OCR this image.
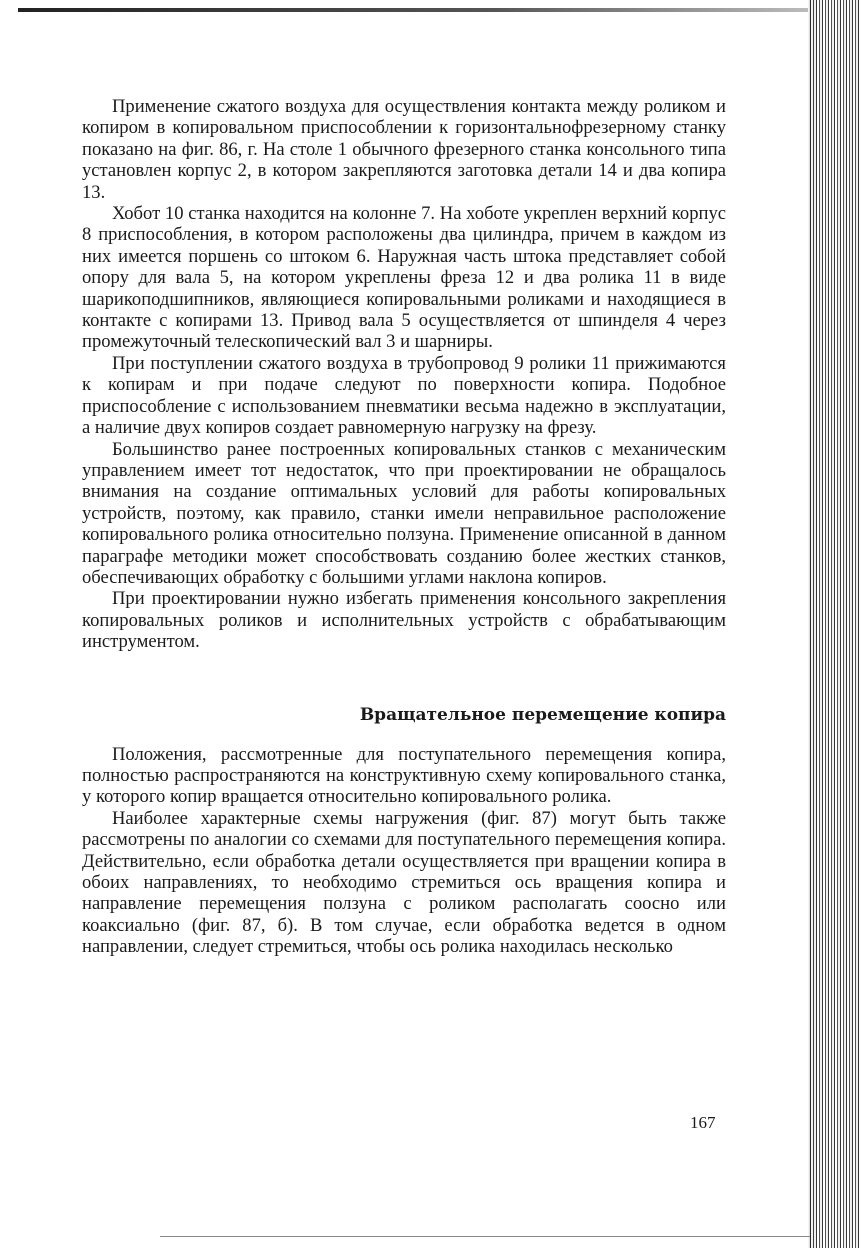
Применение сжатого воздуха для осуществления контакта между роликом и копиром в копировальном приспособлении к горизонтальнофрезерному станку показано на фиг. 86, г. На столе 1 обычного фрезерного станка консольного типа установлен корпус 2, в котором закрепляются заготовка детали 14 и два копира 13.

Хобот 10 станка находится на колонне 7. На хоботе укреплен верхний корпус 8 приспособления, в котором расположены два цилиндра, причем в каждом из них имеется поршень со штоком 6. Наружная часть штока представляет собой опору для вала 5, на котором укреплены фреза 12 и два ролика 11 в виде шарикоподшипников, являющиеся копировальными роликами и находящиеся в контакте с копирами 13. Привод вала 5 осуществляется от шпинделя 4 через промежуточный телескопический вал 3 и шарниры.

При поступлении сжатого воздуха в трубопровод 9 ролики 11 прижимаются к копирам и при подаче следуют по поверхности копира. Подобное приспособление с использованием пневматики весьма надежно в эксплуатации, а наличие двух копиров создает равномерную нагрузку на фрезу.

Большинство ранее построенных копировальных станков с механическим управлением имеет тот недостаток, что при проектировании не обращалось внимания на создание оптимальных условий для работы копировальных устройств, поэтому, как правило, станки имели неправильное расположение копировального ролика относительно ползуна. Применение описанной в данном параграфе методики может способствовать созданию более жестких станков, обеспечивающих обработку с большими углами наклона копиров.

При проектировании нужно избегать применения консольного закрепления копировальных роликов и исполнительных устройств с обрабатывающим инструментом.

Вращательное перемещение копира

Положения, рассмотренные для поступательного перемещения копира, полностью распространяются на конструктивную схему копировального станка, у которого копир вращается относительно копировального ролика.

Наиболее характерные схемы нагружения (фиг. 87) могут быть также рассмотрены по аналогии со схемами для поступательного перемещения копира. Действительно, если обработка детали осуществляется при вращении копира в обоих направлениях, то необходимо стремиться ось вращения копира и направление перемещения ползуна с роликом располагать соосно или коаксиально (фиг. 87, б). В том случае, если обработка ведется в одном направлении, следует стремиться, чтобы ось ролика находилась несколько

167
